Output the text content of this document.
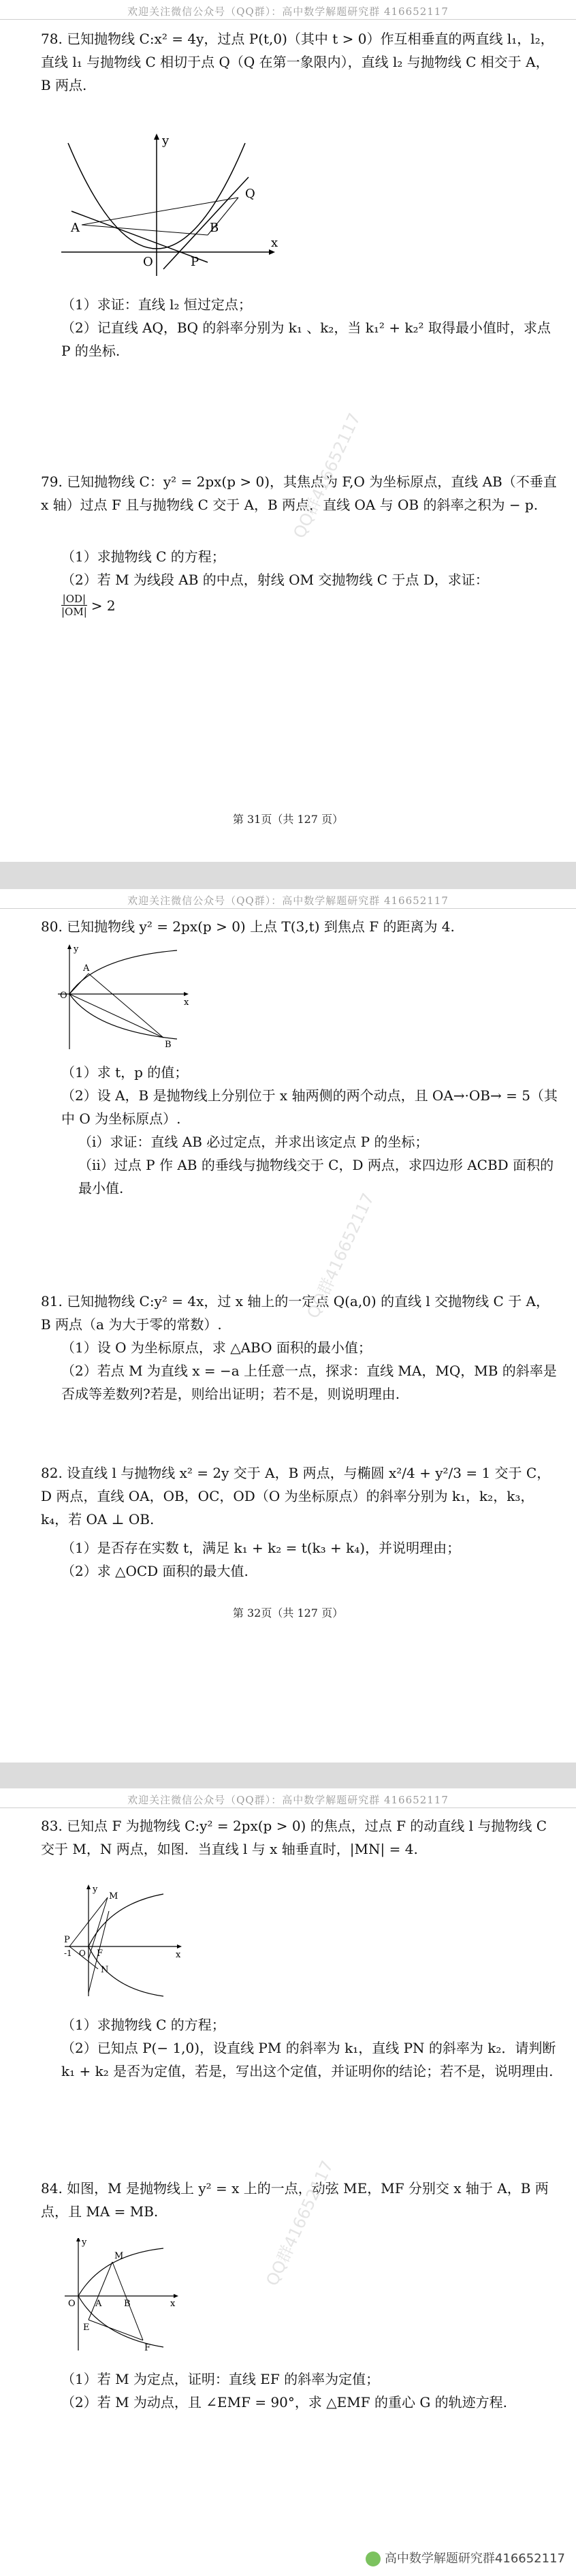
欢迎关注微信公众号（QQ群）：高中数学解题研究群 416652117
78. 已知抛物线 C:x² = 4y，过点 P(t,0)（其中 t > 0）作互相垂直的两直线 l₁，l₂，直线 l₁ 与抛物线 C 相切于点 Q（Q 在第一象限内），直线 l₂ 与抛物线 C 相交于 A，B 两点.
y
x
O	P
A	B
Q
（1）求证：直线 l₂ 恒过定点；
（2）记直线 AQ，BQ 的斜率分别为 k₁ 、k₂，当 k₁² + k₂² 取得最小值时，求点 P 的坐标.
79. 已知抛物线 C：y² = 2px(p > 0)，其焦点为 F,O 为坐标原点，直线 AB（不垂直 x 轴）过点 F 且与抛物线 C 交于 A，B 两点，直线 OA 与 OB 的斜率之积为 − p.
（1）求抛物线 C 的方程；
（2）若 M 为线段 AB 的中点，射线 OM 交抛物线 C 于点 D，求证：
$\frac{|OD|}{|OM|} > 2$
QQ群416652117
第 31页（共 127 页）
欢迎关注微信公众号（QQ群）：高中数学解题研究群 416652117
80. 已知抛物线 y² = 2px(p > 0) 上点 T(3,t) 到焦点 F 的距离为 4.
y
x
O
A
B
（1）求 t，p 的值；
（2）设 A，B 是抛物线上分别位于 x 轴两侧的两个动点，且 OA→·OB→ = 5（其中 O 为坐标原点）.
（i）求证：直线 AB 必过定点，并求出该定点 P 的坐标；
（ii）过点 P 作 AB 的垂线与抛物线交于 C，D 两点，求四边形 ACBD 面积的最小值.
81. 已知抛物线 C:y² = 4x，过 x 轴上的一定点 Q(a,0) 的直线 l 交抛物线 C 于 A，B 两点（a 为大于零的常数）.
（1）设 O 为坐标原点，求 △ABO 面积的最小值；
（2）若点 M 为直线 x = −a 上任意一点，探求：直线 MA，MQ，MB 的斜率是否成等差数列?若是，则给出证明；若不是，则说明理由.
82. 设直线 l 与抛物线 x² = 2y 交于 A，B 两点，与椭圆 x²/4 + y²/3 = 1 交于 C，D 两点，直线 OA，OB，OC，OD（O 为坐标原点）的斜率分别为 k₁，k₂，k₃，k₄，若 OA ⊥ OB.
（1）是否存在实数 t，满足 k₁ + k₂ = t(k₃ + k₄)，并说明理由；
（2）求 △OCD 面积的最大值.
QQ群416652117
第 32页（共 127 页）
欢迎关注微信公众号（QQ群）：高中数学解题研究群 416652117
83. 已知点 F 为抛物线 C:y² = 2px(p > 0) 的焦点，过点 F 的动直线 l 与抛物线 C 交于 M，N 两点，如图．当直线 l 与 x 轴垂直时，|MN| = 4.
y
x
M
N
F
P
-1 O
（1）求抛物线 C 的方程；
（2）已知点 P(− 1,0)，设直线 PM 的斜率为 k₁，直线 PN 的斜率为 k₂．请判断 k₁ + k₂ 是否为定值，若是，写出这个定值，并证明你的结论；若不是，说明理由.
84. 如图，M 是抛物线上 y² = x 上的一点，动弦 ME，MF 分别交 x 轴于 A，B 两点，且 MA = MB.
y
x
M
O A	B
E
F
（1）若 M 为定点，证明：直线 EF 的斜率为定值；
（2）若 M 为动点，且 ∠EMF = 90°，求 △EMF 的重心 G 的轨迹方程.
QQ群416652117
高中数学解题研究群416652117
